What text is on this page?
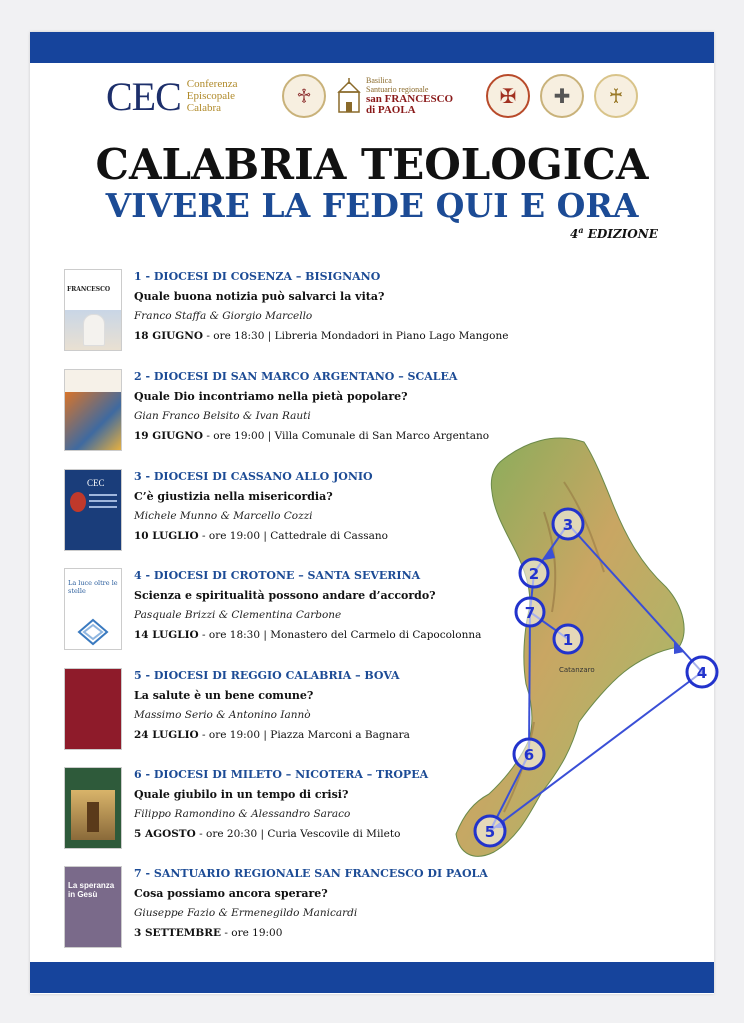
CEC Conferenza
Episcopale
Calabra	♱
Basilica
Santuario regionale
san FRANCESCO
di PAOLA
✠ ✚ ♰
CALABRIA TEOLOGICA
VIVERE LA FEDE QUI E ORA
4$^a$ EDIZIONE
Catanzaro
1
2
3
4
5
6
7
FRANCESCO
1 - DIOCESI DI COSENZA – BISIGNANO
Quale buona notizia può salvarci la vita?
Franco Staffa & Giorgio Marcello
18 GIUGNO - ore 18:30 | Libreria Mondadori in Piano Lago Mangone
2 - DIOCESI DI SAN MARCO ARGENTANO – SCALEA
Quale Dio incontriamo nella pietà popolare?
Gian Franco Belsito & Ivan Rauti
19 GIUGNO - ore 19:00 | Villa Comunale di San Marco Argentano
CEC	3 - DIOCESI DI CASSANO ALLO JONIO
C’è giustizia nella misericordia?
Michele Munno & Marcello Cozzi
10 LUGLIO - ore 19:00 | Cattedrale di Cassano
La luce oltre le stelle
4 - DIOCESI DI CROTONE – SANTA SEVERINA
Scienza e spiritualità possono andare d’accordo?
Pasquale Brizzi & Clementina Carbone
14 LUGLIO - ore 18:30 | Monastero del Carmelo di Capocolonna
5 - DIOCESI DI REGGIO CALABRIA – BOVA
La salute è un bene comune?
Massimo Serio & Antonino Iannò
24 LUGLIO - ore 19:00 | Piazza Marconi a Bagnara
6 - DIOCESI DI MILETO – NICOTERA – TROPEA
Quale giubilo in un tempo di crisi?
Filippo Ramondino & Alessandro Saraco
5 AGOSTO - ore 20:30 | Curia Vescovile di Mileto
La speranza in Gesù
7 - SANTUARIO REGIONALE SAN FRANCESCO DI PAOLA
Cosa possiamo ancora sperare?
Giuseppe Fazio & Ermenegildo Manicardi
3 SETTEMBRE - ore 19:00
